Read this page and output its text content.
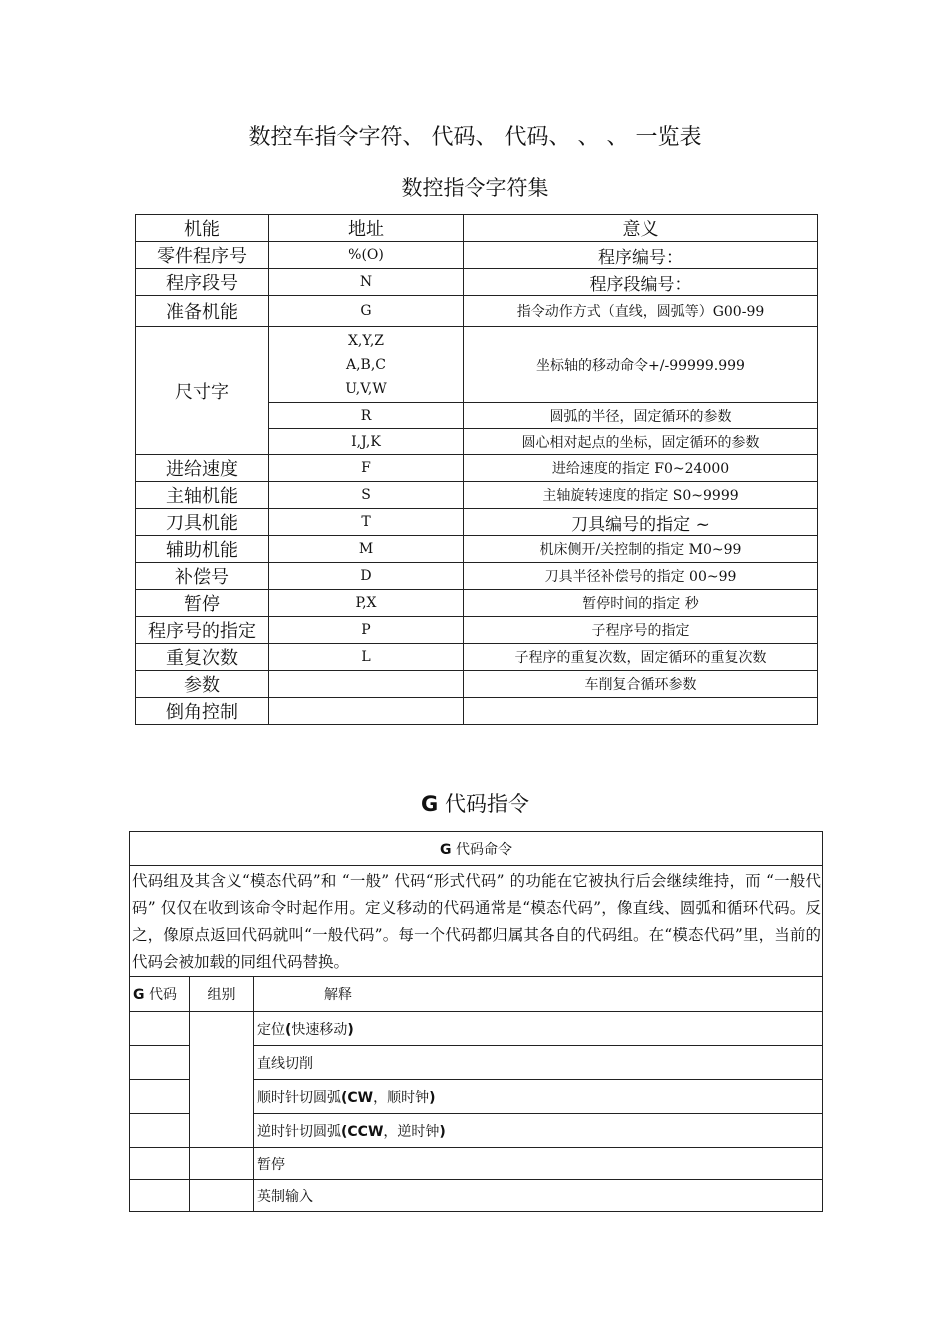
数控车指令字符、 代码、 代码、 、 、 一览表
数控指令字符集
机能	地址	意义
零件程序号	%(O)	程序编号：
程序段号	N	程序段编号：
准备机能	G	指令动作方式（直线，圆弧等）G00-99
尺寸字	X,Y,Z
A,B,C
U,V,W	坐标轴的移动命令+/-99999.999
	R	圆弧的半径，固定循环的参数
	I,J,K	圆心相对起点的坐标，固定循环的参数
进给速度	F	进给速度的指定 F0~24000
主轴机能	S	主轴旋转速度的指定 S0~9999
刀具机能	T	刀具编号的指定 ~
辅助机能	M	机床侧开/关控制的指定 M0~99
补偿号	D	刀具半径补偿号的指定 00~99
暂停	P,X	暂停时间的指定 秒
程序号的指定	P	子程序号的指定
重复次数	L	子程序的重复次数，固定循环的重复次数
参数		车削复合循环参数
倒角控制		
G 代码指令
G 代码命令		
代码组及其含义“模态代码”和 “一般” 代码“形式代码” 的功能在它被执行后会继续维持，而 “一般代码” 仅仅在收到该命令时起作用。定义移动的代码通常是“模态代码”，像直线、圆弧和循环代码。反之，像原点返回代码就叫“一般代码”。每一个代码都归属其各自的代码组。在“模态代码”里，当前的代码会被加载的同组代码替换。		
G 代码	组别	解释
		定位(快速移动)
		直线切削
		顺时针切圆弧(CW，顺时钟)
		逆时针切圆弧(CCW，逆时钟)
		暂停
		英制输入
